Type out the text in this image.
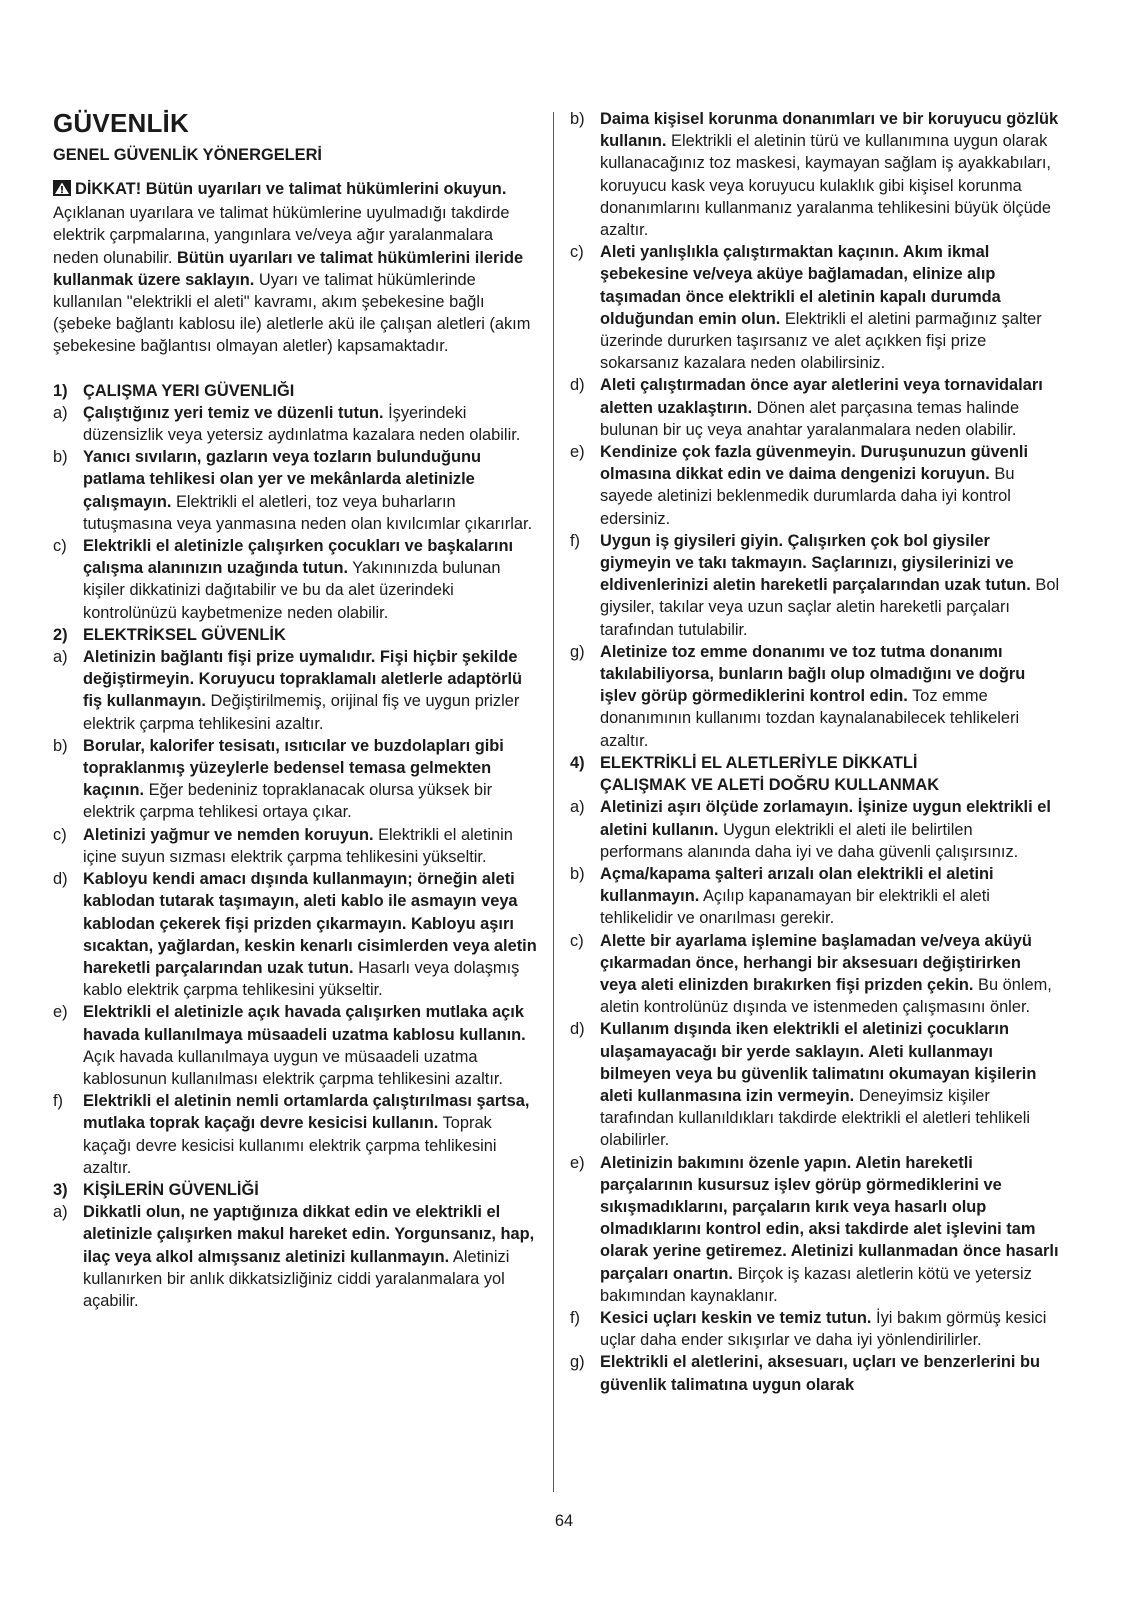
GÜVENLİK
GENEL GÜVENLİK YÖNERGELERİ

DİKKAT! Bütün uyarıları ve talimat hükümlerini okuyun. Açıklanan uyarılara ve talimat hükümlerine uyulmadığı takdirde elektrik çarpmalarına, yangınlara ve/veya ağır yaralanmalara neden olunabilir. Bütün uyarıları ve talimat hükümlerini ileride kullanmak üzere saklayın. Uyarı ve talimat hükümlerinde kullanılan "elektrikli el aleti" kavramı, akım şebekesine bağlı (şebeke bağlantı kablosu ile) aletlerle akü ile çalışan aletleri (akım şebekesine bağlantısı olmayan aletler) kapsamaktadır.

1) ÇALIŞMA YERI GÜVENLIĞI
a) Çalıştığınız yeri temiz ve düzenli tutun. İşyerindeki düzensizlik veya yetersiz aydınlatma kazalara neden olabilir.
b) Yanıcı sıvıların, gazların veya tozların bulunduğunu patlama tehlikesi olan yer ve mekânlarda aletinizle çalışmayın. Elektrikli el aletleri, toz veya buharların tutuşmasına veya yanmasına neden olan kıvılcımlar çıkarırlar.
c) Elektrikli el aletinizle çalışırken çocukları ve başkalarını çalışma alanınızın uzağında tutun. Yakınınızda bulunan kişiler dikkatinizi dağıtabilir ve bu da alet üzerindeki kontrolünüzü kaybetmenize neden olabilir.
2) ELEKTRİKSEL GÜVENLİK
a) Aletinizin bağlantı fişi prize uymalıdır. Fişi hiçbir şekilde değiştirmeyin. Koruyucu topraklamalı aletlerle adaptörlü fiş kullanmayın. Değiştirilmemiş, orijinal fiş ve uygun prizler elektrik çarpma tehlikesini azaltır.
b) Borular, kalorifer tesisatı, ısıtıcılar ve buzdolapları gibi topraklanmış yüzeylerle bedensel temasa gelmekten kaçının. Eğer bedeniniz topraklanacak olursa yüksek bir elektrik çarpma tehlikesi ortaya çıkar.
c) Aletinizi yağmur ve nemden koruyun. Elektrikli el aletinin içine suyun sızması elektrik çarpma tehlikesini yükseltir.
d) Kabloyu kendi amacı dışında kullanmayın; örneğin aleti kablodan tutarak taşımayın, aleti kablo ile asmayın veya kablodan çekerek fişi prizden çıkarmayın. Kabloyu aşırı sıcaktan, yağlardan, keskin kenarlı cisimlerden veya aletin hareketli parçalarından uzak tutun. Hasarlı veya dolaşmış kablo elektrik çarpma tehlikesini yükseltir.
e) Elektrikli el aletinizle açık havada çalışırken mutlaka açık havada kullanılmaya müsaadeli uzatma kablosu kullanın. Açık havada kullanılmaya uygun ve müsaadeli uzatma kablosunun kullanılması elektrik çarpma tehlikesini azaltır.
f)	Elektrikli el aletinin nemli ortamlarda çalıştırılması şartsa, mutlaka toprak kaçağı devre kesicisi kullanın. Toprak kaçağı devre kesicisi kullanımı elektrik çarpma tehlikesini azaltır.
3) KİŞİLERİN GÜVENLİĞİ
a) Dikkatli olun, ne yaptığınıza dikkat edin ve elektrikli el aletinizle çalışırken makul hareket edin. Yorgunsanız, hap, ilaç veya alkol almışsanız aletinizi kullanmayın. Aletinizi kullanırken bir anlık dikkatsizliğiniz ciddi yaralanmalara yol açabilir.
b) Daima kişisel korunma donanımları ve bir koruyucu gözlük kullanın. Elektrikli el aletinin türü ve kullanımına uygun olarak kullanacağınız toz maskesi, kaymayan sağlam iş ayakkabıları, koruyucu kask veya koruyucu kulaklık gibi kişisel korunma donanımlarını kullanmanız yaralanma tehlikesini büyük ölçüde azaltır.
c) Aleti yanlışlıkla çalıştırmaktan kaçının. Akım ikmal şebekesine ve/veya aküye bağlamadan, elinize alıp taşımadan önce elektrikli el aletinin kapalı durumda olduğundan emin olun. Elektrikli el aletini parmağınız şalter üzerinde dururken taşırsanız ve alet açıkken fişi prize sokarsanız kazalara neden olabilirsiniz.
d) Aleti çalıştırmadan önce ayar aletlerini veya tornavidaları aletten uzaklaştırın. Dönen alet parçasına temas halinde bulunan bir uç veya anahtar yaralanmalara neden olabilir.
e) Kendinize çok fazla güvenmeyin. Duruşunuzun güvenli olmasına dikkat edin ve daima dengenizi koruyun. Bu sayede aletinizi beklenmedik durumlarda daha iyi kontrol edersiniz.
f)	Uygun iş giysileri giyin. Çalışırken çok bol giysiler giymeyin ve takı takmayın. Saçlarınızı, giysilerinizi ve eldivenlerinizi aletin hareketli parçalarından uzak tutun. Bol giysiler, takılar veya uzun saçlar aletin hareketli parçaları tarafından tutulabilir.
g) Aletinize toz emme donanımı ve toz tutma donanımı takılabiliyorsa, bunların bağlı olup olmadığını ve doğru işlev görüp görmediklerini kontrol edin. Toz emme donanımının kullanımı tozdan kaynalanabilecek tehlikeleri azaltır.
4) ELEKTRİKLİ EL ALETLERİYLE DİKKATLİ
ÇALIŞMAK VE ALETİ DOĞRU KULLANMAK
a) Aletinizi aşırı ölçüde zorlamayın. İşinize uygun elektrikli el aletini kullanın. Uygun elektrikli el aleti ile belirtilen performans alanında daha iyi ve daha güvenli çalışırsınız.
b) Açma/kapama şalteri arızalı olan elektrikli el aletini kullanmayın. Açılıp kapanamayan bir elektrikli el aleti tehlikelidir ve onarılması gerekir.
c) Alette bir ayarlama işlemine başlamadan ve/veya aküyü çıkarmadan önce, herhangi bir aksesuarı değiştirirken veya aleti elinizden bırakırken fişi prizden çekin. Bu önlem, aletin kontrolünüz dışında ve istenmeden çalışmasını önler.
d) Kullanım dışında iken elektrikli el aletinizi çocukların ulaşamayacağı bir yerde saklayın. Aleti kullanmayı bilmeyen veya bu güvenlik talimatını okumayan kişilerin aleti kullanmasına izin vermeyin. Deneyimsiz kişiler tarafından kullanıldıkları takdirde elektrikli el aletleri tehlikeli olabilirler.
e) Aletinizin bakımını özenle yapın. Aletin hareketli parçalarının kusursuz işlev görüp görmediklerini ve sıkışmadıklarını, parçaların kırık veya hasarlı olup olmadıklarını kontrol edin, aksi takdirde alet işlevini tam olarak yerine getiremez. Aletinizi kullanmadan önce hasarlı parçaları onartın. Birçok iş kazası aletlerin kötü ve yetersiz bakımından kaynaklanır.
f)	Kesici uçları keskin ve temiz tutun. İyi bakım görmüş kesici uçlar daha ender sıkışırlar ve daha iyi yönlendirilirler.
g) Elektrikli el aletlerini, aksesuarı, uçları ve benzerlerini bu güvenlik talimatına uygun olarak
64
